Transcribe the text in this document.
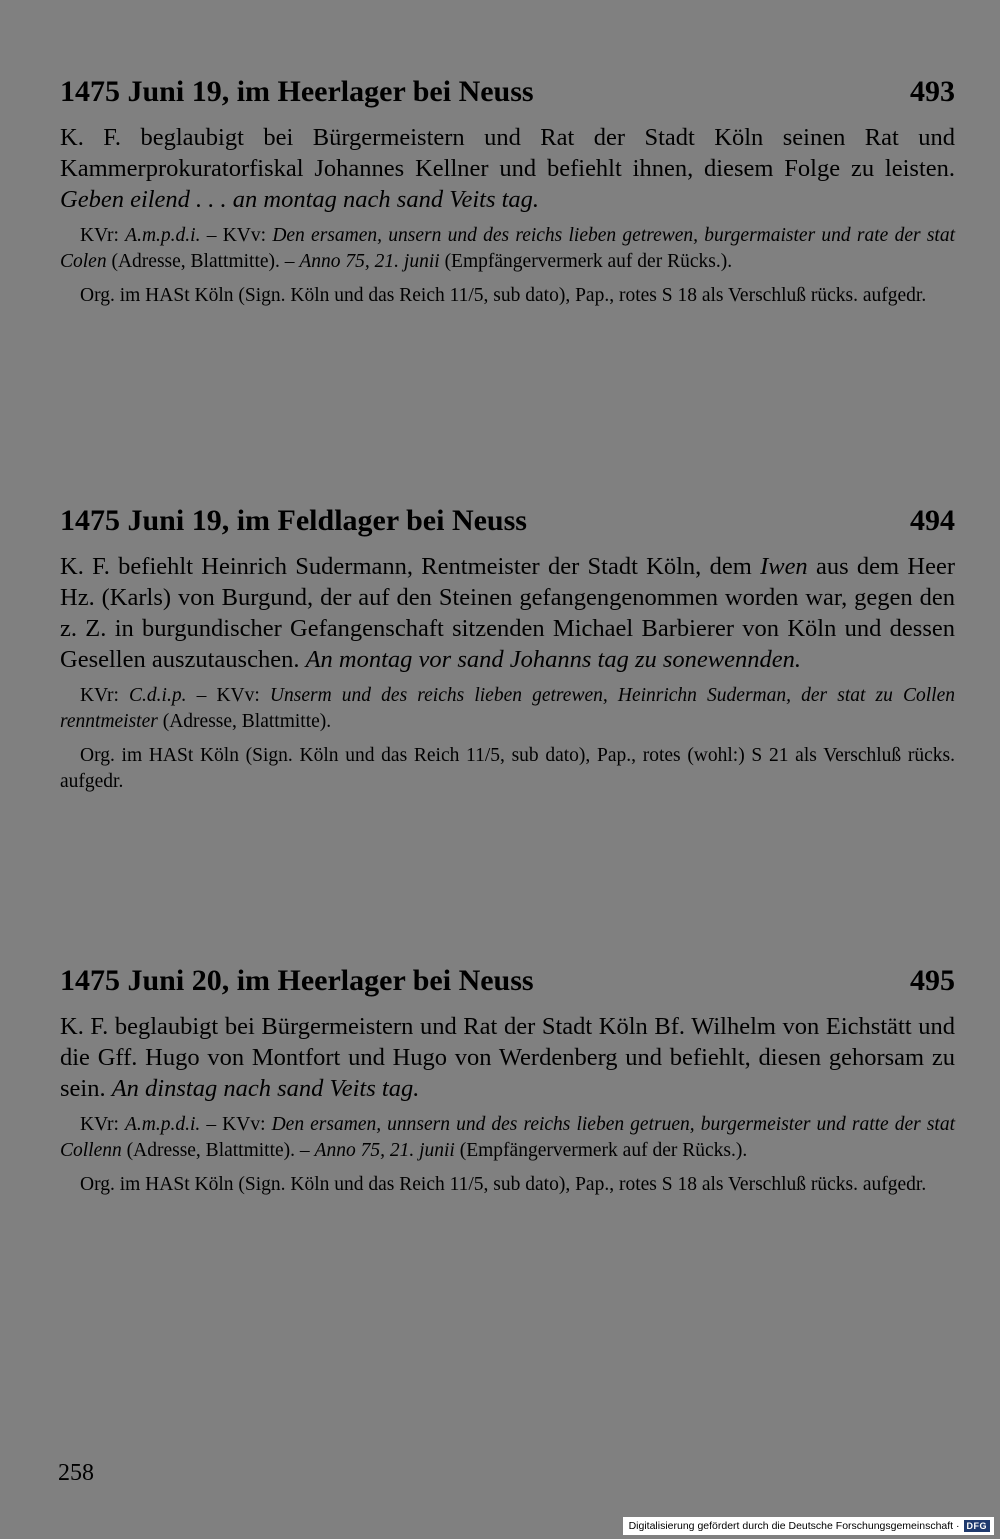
1475 Juni 19, im Heerlager bei Neuss	493

K. F. beglaubigt bei Bürgermeistern und Rat der Stadt Köln seinen Rat und Kammerprokuratorfiskal Johannes Kellner und befiehlt ihnen, diesem Folge zu leisten. Geben eilend . . . an montag nach sand Veits tag.

KVr: A.m.p.d.i. – KVv: Den ersamen, unsern und des reichs lieben getrewen, burgermaister und rate der stat Colen (Adresse, Blattmitte). – Anno 75, 21. junii (Empfängervermerk auf der Rücks.).

Org. im HASt Köln (Sign. Köln und das Reich 11/5, sub dato), Pap., rotes S 18 als Verschluß rücks. aufgedr.

1475 Juni 19, im Feldlager bei Neuss	494

K. F. befiehlt Heinrich Sudermann, Rentmeister der Stadt Köln, dem Iwen aus dem Heer Hz. (Karls) von Burgund, der auf den Steinen gefangengenommen worden war, gegen den z. Z. in burgundischer Gefangenschaft sitzenden Michael Barbierer von Köln und dessen Gesellen auszutauschen. An montag vor sand Johanns tag zu sonewennden.

KVr: C.d.i.p. – KVv: Unserm und des reichs lieben getrewen, Heinrichn Suderman, der stat zu Collen renntmeister (Adresse, Blattmitte).

Org. im HASt Köln (Sign. Köln und das Reich 11/5, sub dato), Pap., rotes (wohl:) S 21 als Verschluß rücks. aufgedr.

1475 Juni 20, im Heerlager bei Neuss	495

K. F. beglaubigt bei Bürgermeistern und Rat der Stadt Köln Bf. Wilhelm von Eichstätt und die Gff. Hugo von Montfort und Hugo von Werdenberg und befiehlt, diesen gehorsam zu sein. An dinstag nach sand Veits tag.

KVr: A.m.p.d.i. – KVv: Den ersamen, unnsern und des reichs lieben getruen, burgermeister und ratte der stat Collenn (Adresse, Blattmitte). – Anno 75, 21. junii (Empfängervermerk auf der Rücks.).

Org. im HASt Köln (Sign. Köln und das Reich 11/5, sub dato), Pap., rotes S 18 als Verschluß rücks. aufgedr.

258
Digitalisierung gefördert durch die Deutsche Forschungsgemeinschaft · DFG
